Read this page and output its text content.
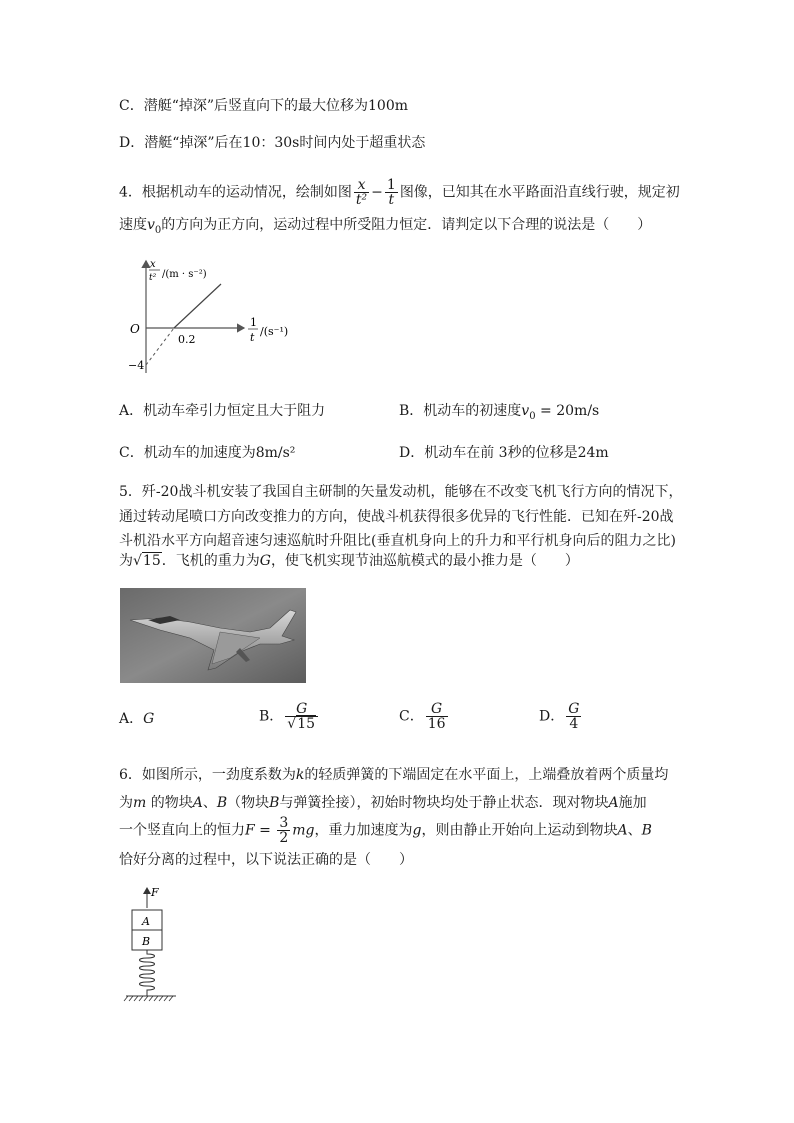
C．潜艇“掉深”后竖直向下的最大位移为100m
D．潜艇“掉深”后在10：30s时间内处于超重状态
4．根据机动车的运动情况，绘制如图 $\frac{x}{\text{t²}} - \frac{1}{t}$ 图像，已知其在水平路面沿直线行驶，规定初
速度$v_0$的方向为正方向，运动过程中所受阻力恒定．请判定以下合理的说法是（　　）
x
t² /(m · s⁻²)
1
t /(s⁻¹)
O
0.2
−4
A．机动车牵引力恒定且大于阻力	B．机动车的初速度$v_0 = 20m/s$
C．机动车的加速度为8m/s²	D．机动车在前 3秒的位移是24m
5．歼-20战斗机安装了我国自主研制的矢量发动机，能够在不改变飞机飞行方向的情况下，
通过转动尾喷口方向改变推力的方向，使战斗机获得很多优异的飞行性能．已知在歼-20战
斗机沿水平方向超音速匀速巡航时升阻比(垂直机身向上的升力和平行机身向后的阻力之比)
为√15．飞机的重力为G，使飞机实现节油巡航模式的最小推力是（　　）
A．G	B． $\frac{G}{√15}$	C． $\frac{G}{16}$	D． $\frac{G}{4}$
6．如图所示，一劲度系数为k的轻质弹簧的下端固定在水平面上，上端叠放着两个质量均
为m 的物块A、B（物块B与弹簧拴接），初始时物块均处于静止状态．现对物块A施加
一个竖直向上的恒力$F = \frac{3}{2}$ mg，重力加速度为g，则由静止开始向上运动到物块A、B
恰好分离的过程中，以下说法正确的是（　　）
F
A
B
